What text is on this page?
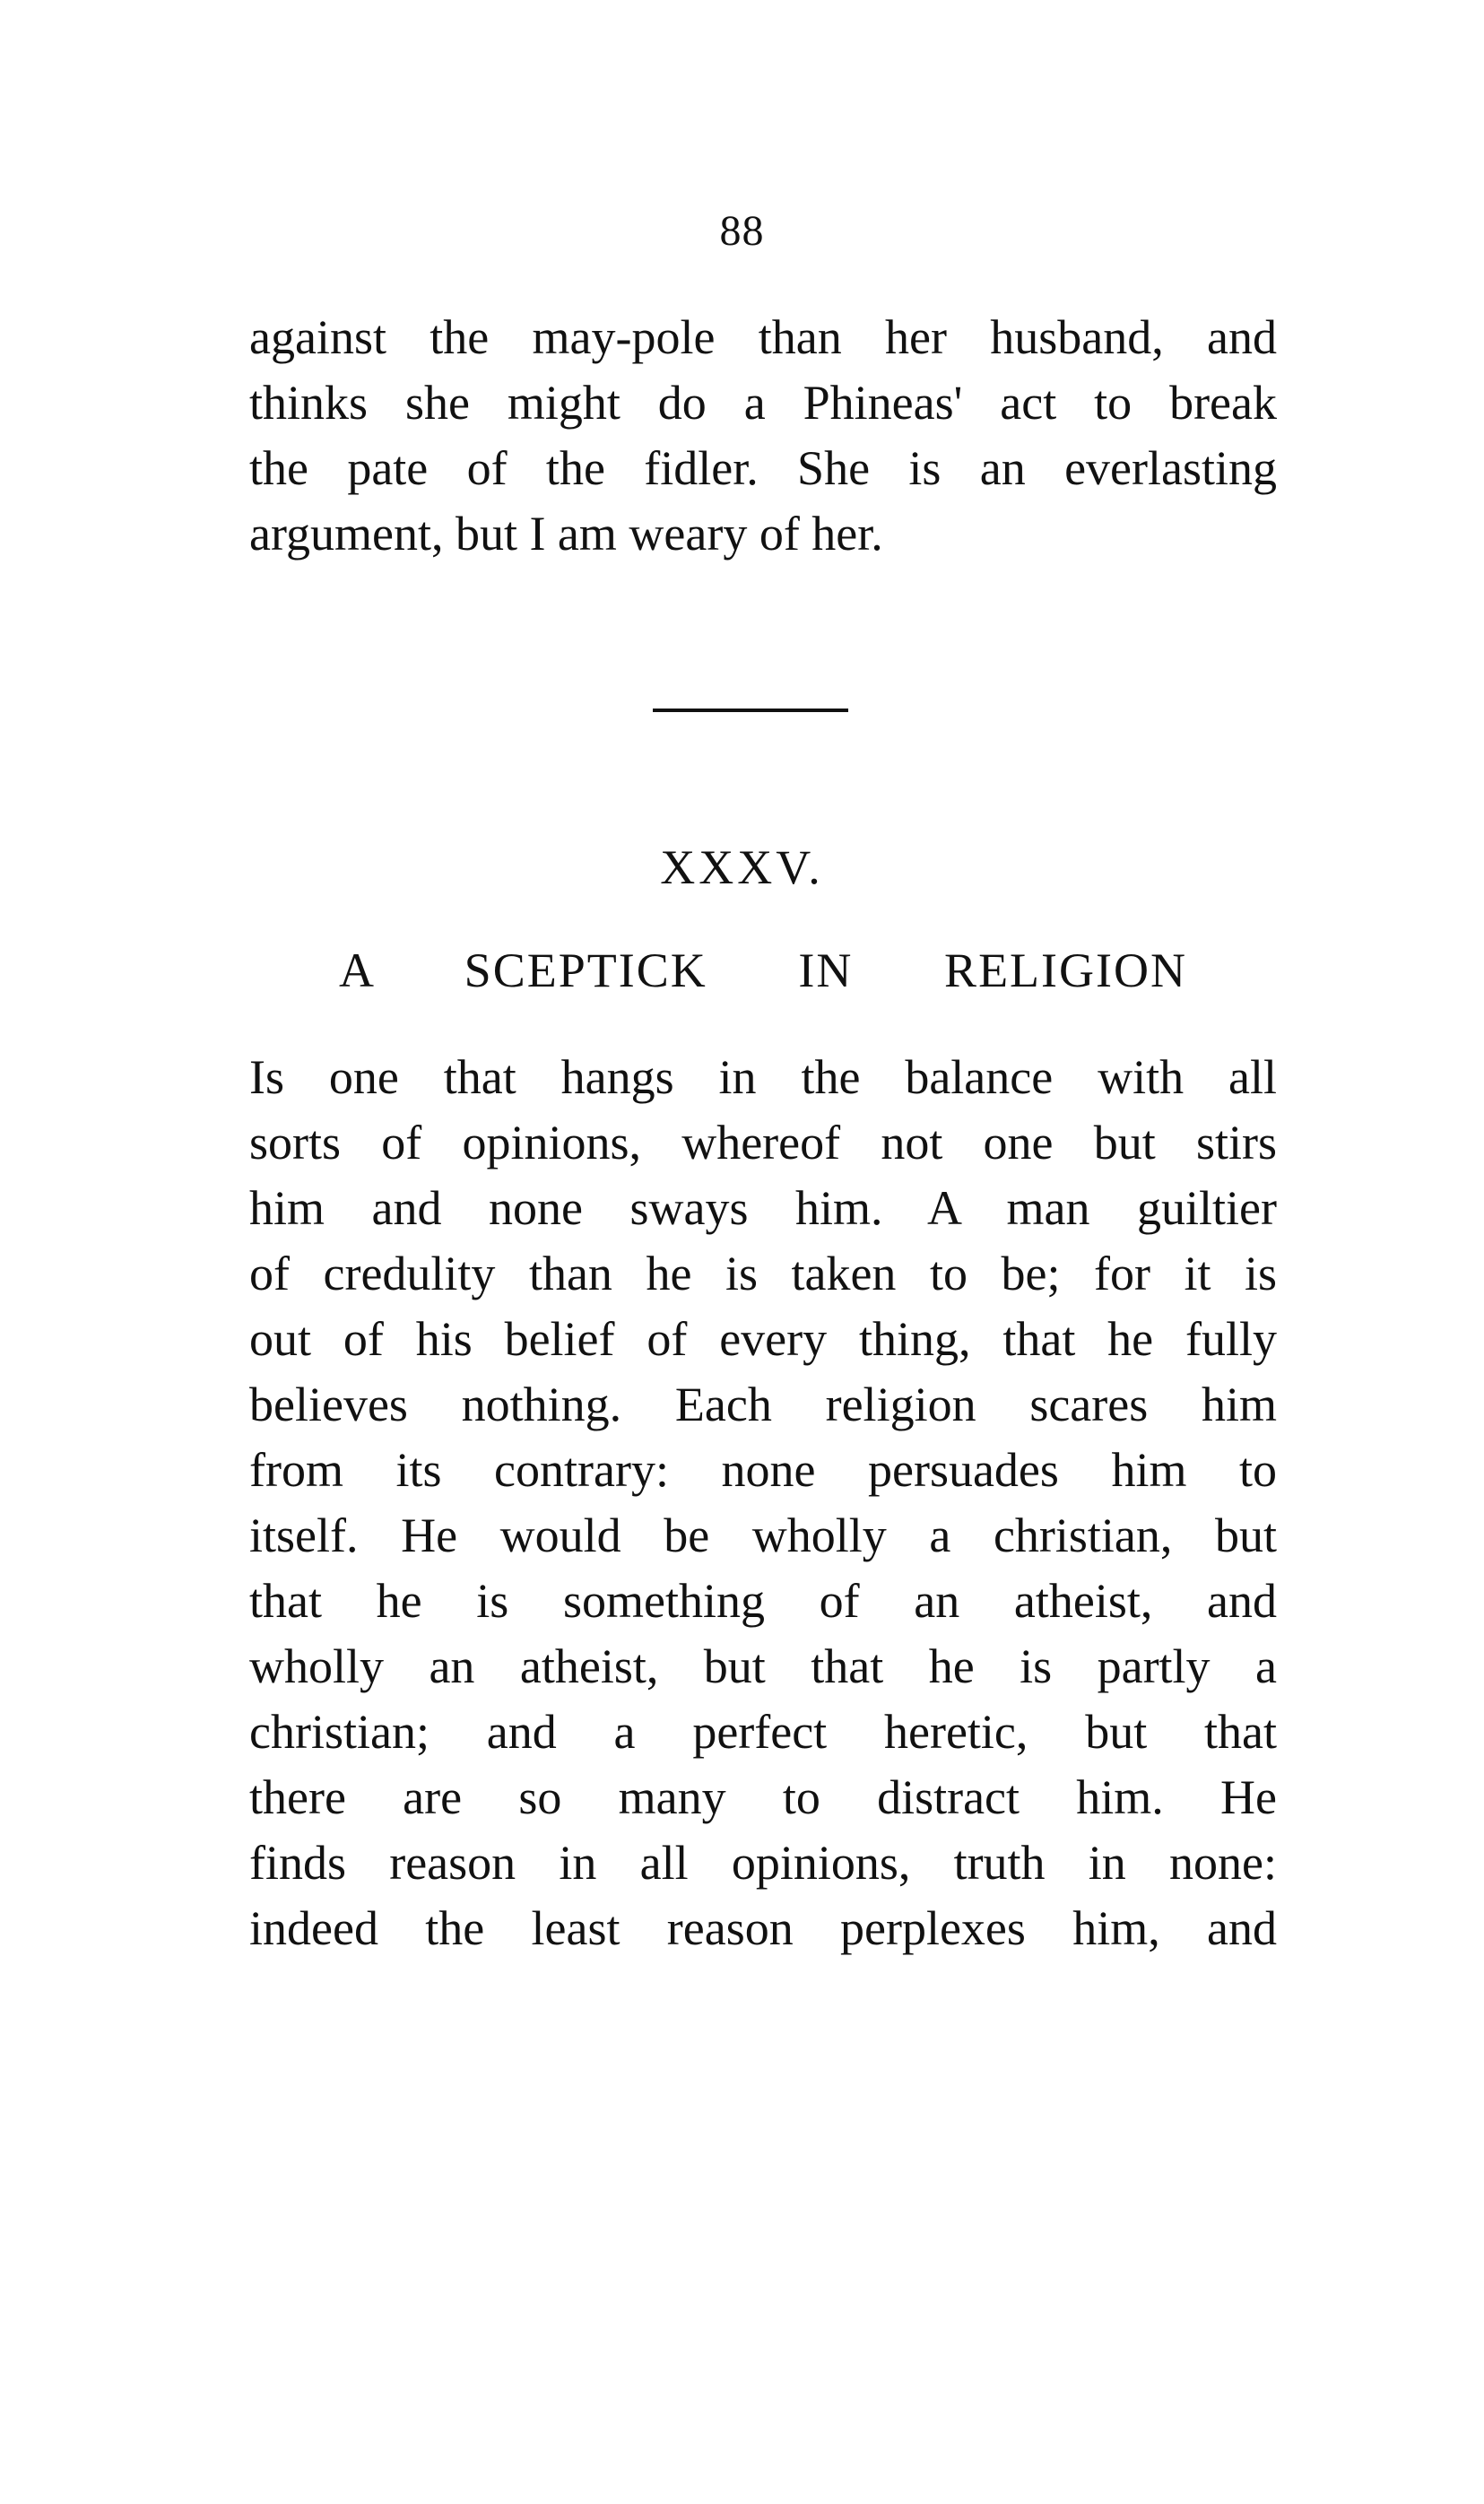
88
against the may-pole than her husband, and
thinks she might do a Phineas' act to break
the pate of the fidler. She is an everlasting
argument, but I am weary of her.
XXXV.
A SCEPTICK IN RELIGION
Is one that hangs in the balance with all
sorts of opinions, whereof not one but stirs
him and none sways him. A man guiltier
of credulity than he is taken to be; for it is
out of his belief of every thing, that he fully
believes nothing. Each religion scares him
from its contrary: none persuades him to
itself. He would be wholly a christian, but
that he is something of an atheist, and
wholly an atheist, but that he is partly a
christian; and a perfect heretic, but that
there are so many to distract him. He
finds reason in all opinions, truth in none:
indeed the least reason perplexes him, and
